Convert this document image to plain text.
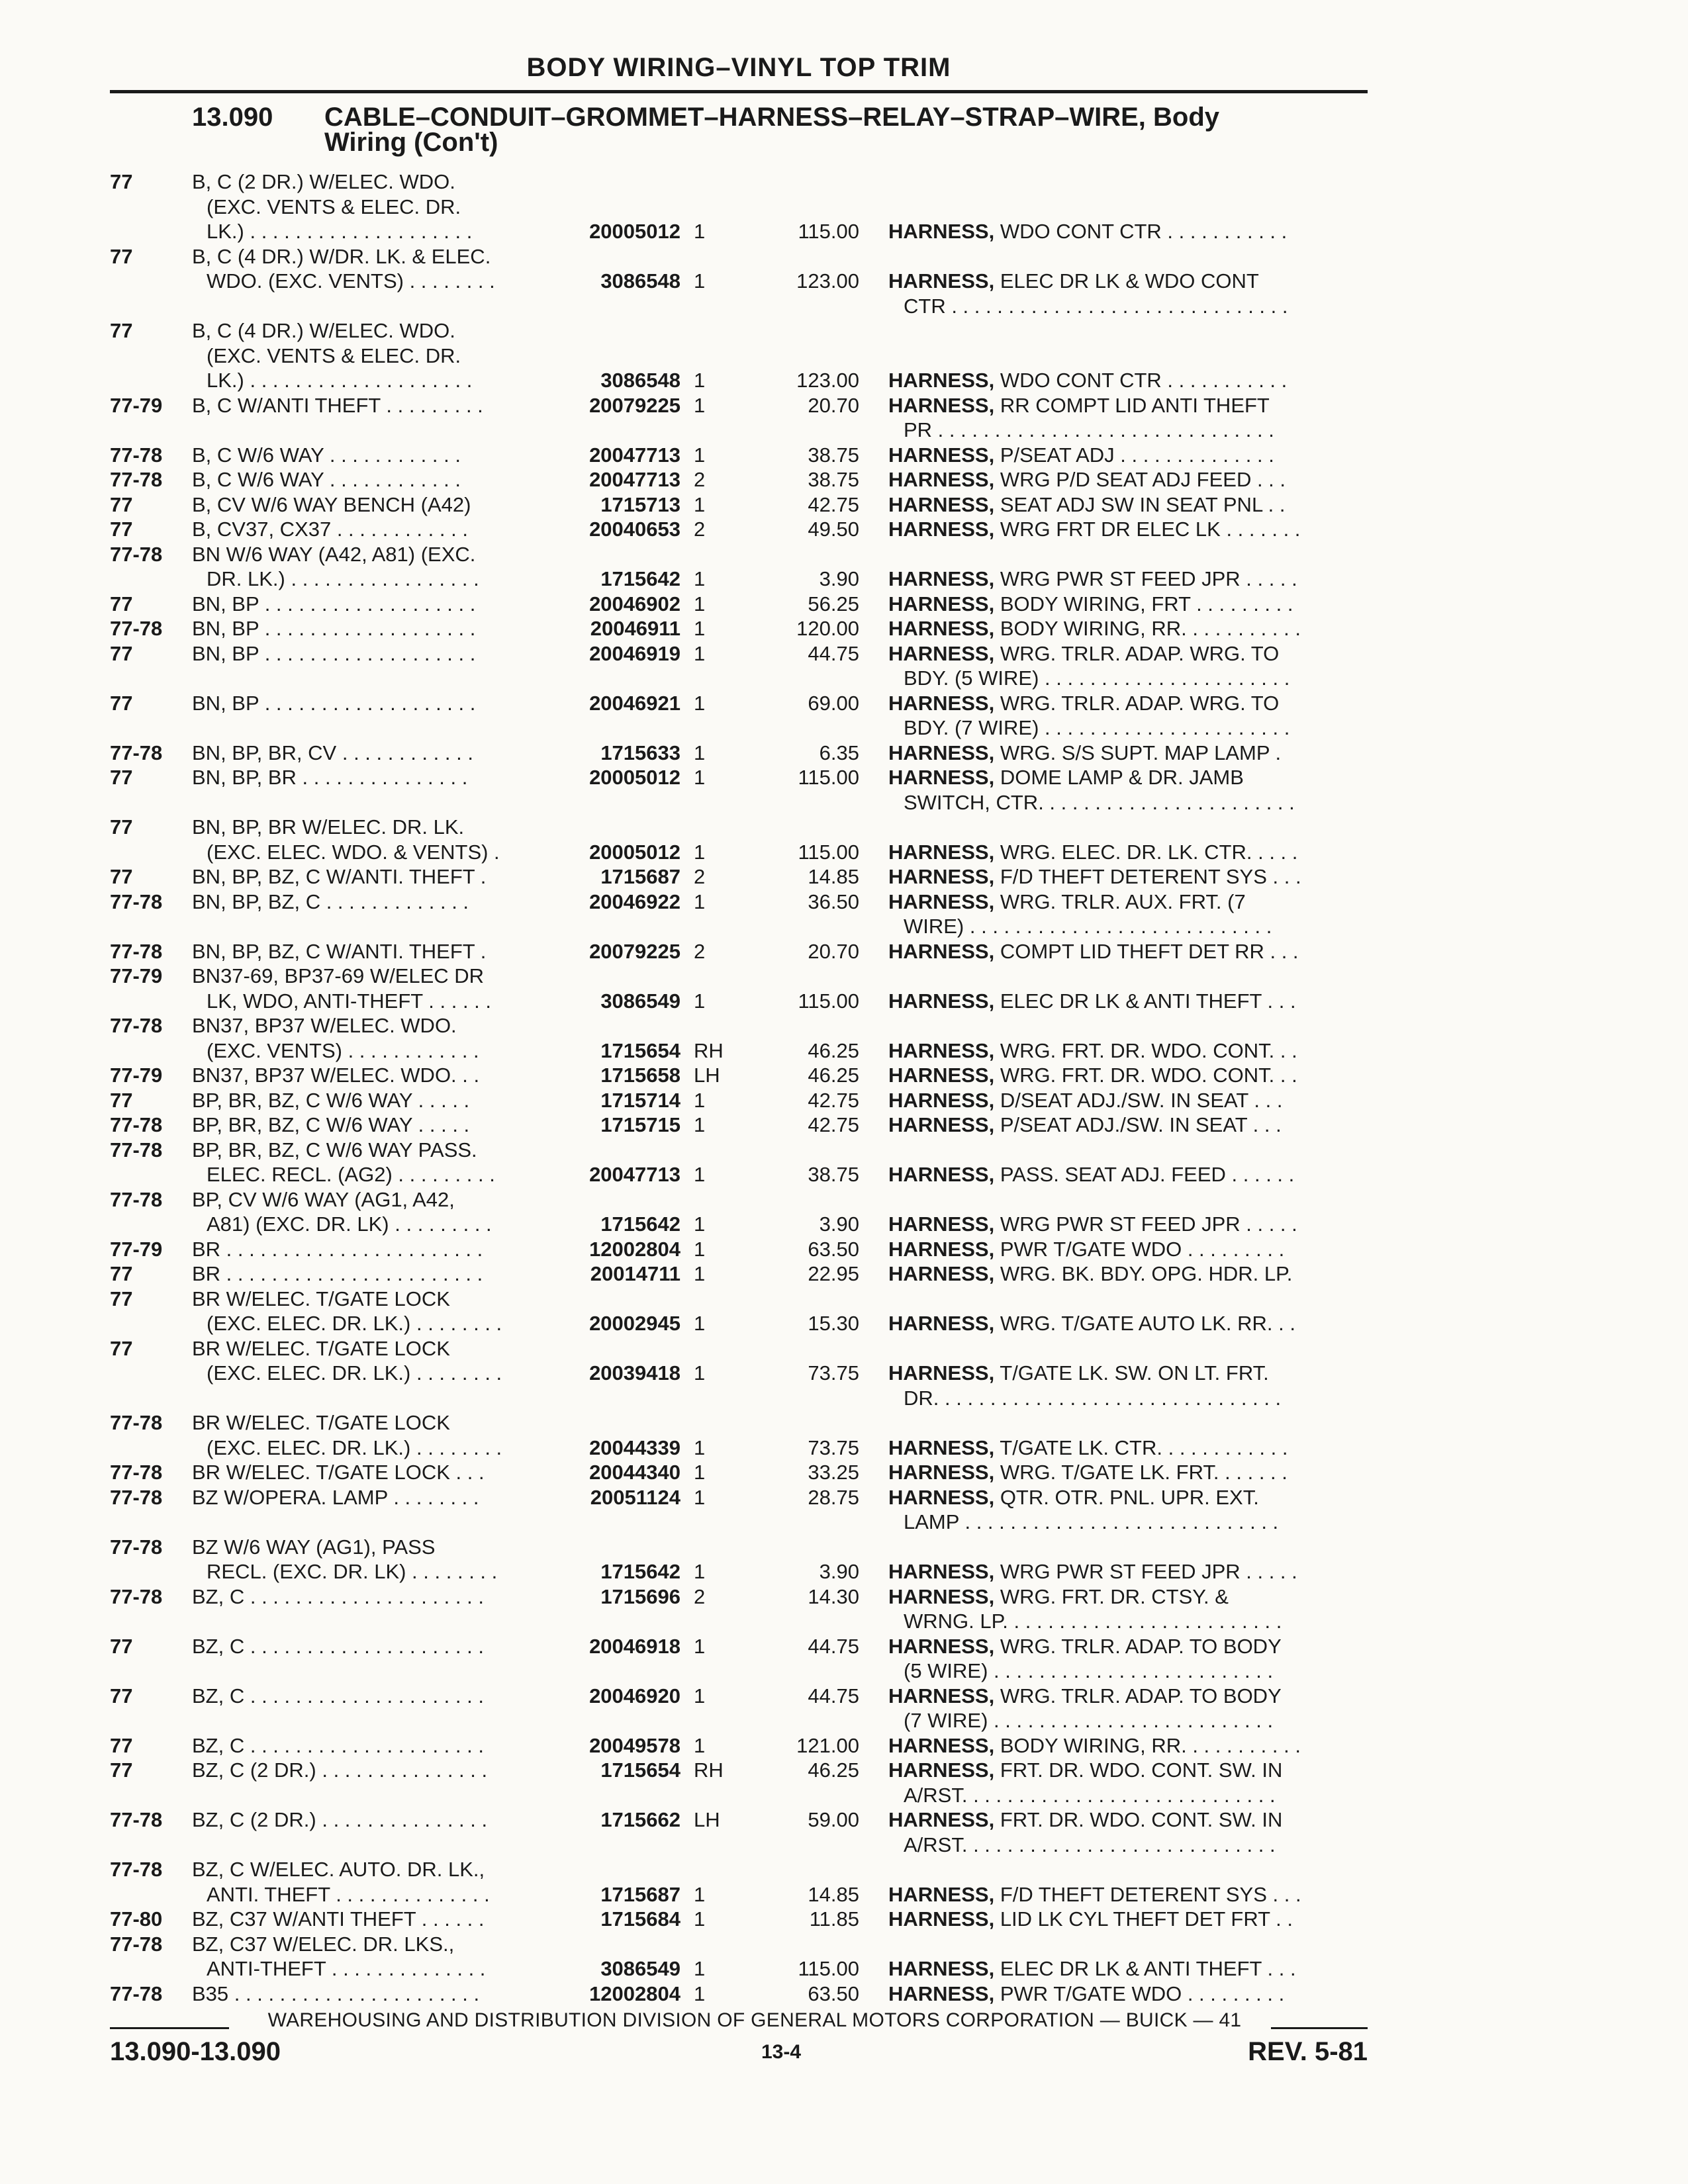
BODY WIRING–VINYL TOP TRIM
13.090 CABLE–CONDUIT–GROMMET–HARNESS–RELAY–STRAP–WIRE, Body
Wiring (Con't)
77	B, C (2 DR.) W/ELEC. WDO.
(EXC. VENTS & ELEC. DR.
LK.) . . . . . . . . . . . . . . . . . . . .	20005012 1	115.00 HARNESS, WDO CONT CTR . . . . . . . . . . .
77	B, C (4 DR.) W/DR. LK. & ELEC.
WDO. (EXC. VENTS) . . . . . . . .	3086548 1	123.00 HARNESS, ELEC DR LK & WDO CONT
CTR . . . . . . . . . . . . . . . . . . . . . . . . . . . . . .
77	B, C (4 DR.) W/ELEC. WDO.
(EXC. VENTS & ELEC. DR.
LK.) . . . . . . . . . . . . . . . . . . . .	3086548 1	123.00 HARNESS, WDO CONT CTR . . . . . . . . . . .
77-79 B, C W/ANTI THEFT . . . . . . . . .	20079225 1	20.70 HARNESS, RR COMPT LID ANTI THEFT
PR . . . . . . . . . . . . . . . . . . . . . . . . . . . . . .
77-78 B, C W/6 WAY . . . . . . . . . . . .	20047713 1	38.75 HARNESS, P/SEAT ADJ . . . . . . . . . . . . . .
77-78 B, C W/6 WAY . . . . . . . . . . . .	20047713 2	38.75 HARNESS, WRG P/D SEAT ADJ FEED . . .
77	B, CV W/6 WAY BENCH (A42)	1715713 1	42.75 HARNESS, SEAT ADJ SW IN SEAT PNL . .
77	B, CV37, CX37 . . . . . . . . . . . .	20040653 2	49.50 HARNESS, WRG FRT DR ELEC LK . . . . . . .
77-78 BN W/6 WAY (A42, A81) (EXC.
DR. LK.) . . . . . . . . . . . . . . . . .	1715642 1	3.90 HARNESS, WRG PWR ST FEED JPR . . . . .
77	BN, BP . . . . . . . . . . . . . . . . . . .	20046902 1	56.25 HARNESS, BODY WIRING, FRT . . . . . . . . .
77-78 BN, BP . . . . . . . . . . . . . . . . . . .	20046911 1	120.00 HARNESS, BODY WIRING, RR. . . . . . . . . . .
77	BN, BP . . . . . . . . . . . . . . . . . . .	20046919 1	44.75 HARNESS, WRG. TRLR. ADAP. WRG. TO
BDY. (5 WIRE) . . . . . . . . . . . . . . . . . . . . . .
77	BN, BP . . . . . . . . . . . . . . . . . . .	20046921 1	69.00 HARNESS, WRG. TRLR. ADAP. WRG. TO
BDY. (7 WIRE) . . . . . . . . . . . . . . . . . . . . . .
77-78 BN, BP, BR, CV . . . . . . . . . . . .	1715633 1	6.35 HARNESS, WRG. S/S SUPT. MAP LAMP .
77	BN, BP, BR . . . . . . . . . . . . . . .	20005012 1	115.00 HARNESS, DOME LAMP & DR. JAMB
SWITCH, CTR. . . . . . . . . . . . . . . . . . . . . . .
77	BN, BP, BR W/ELEC. DR. LK.
(EXC. ELEC. WDO. & VENTS) .	20005012 1	115.00 HARNESS, WRG. ELEC. DR. LK. CTR. . . . .
77	BN, BP, BZ, C W/ANTI. THEFT .	1715687 2	14.85 HARNESS, F/D THEFT DETERENT SYS . . .
77-78 BN, BP, BZ, C . . . . . . . . . . . . .	20046922 1	36.50 HARNESS, WRG. TRLR. AUX. FRT. (7
WIRE) . . . . . . . . . . . . . . . . . . . . . . . . . . .
77-78 BN, BP, BZ, C W/ANTI. THEFT .	20079225 2	20.70 HARNESS, COMPT LID THEFT DET RR . . .
77-79 BN37-69, BP37-69 W/ELEC DR
LK, WDO, ANTI-THEFT . . . . . .	3086549 1	115.00 HARNESS, ELEC DR LK & ANTI THEFT . . .
77-78 BN37, BP37 W/ELEC. WDO.
(EXC. VENTS) . . . . . . . . . . . .	1715654 RH	46.25 HARNESS, WRG. FRT. DR. WDO. CONT. . .
77-79 BN37, BP37 W/ELEC. WDO. . .	1715658 LH	46.25 HARNESS, WRG. FRT. DR. WDO. CONT. . .
77	BP, BR, BZ, C W/6 WAY . . . . .	1715714 1	42.75 HARNESS, D/SEAT ADJ./SW. IN SEAT . . .
77-78 BP, BR, BZ, C W/6 WAY . . . . .	1715715 1	42.75 HARNESS, P/SEAT ADJ./SW. IN SEAT . . .
77-78 BP, BR, BZ, C W/6 WAY PASS.
ELEC. RECL. (AG2) . . . . . . . . .	20047713 1	38.75 HARNESS, PASS. SEAT ADJ. FEED . . . . . .
77-78 BP, CV W/6 WAY (AG1, A42,
A81) (EXC. DR. LK) . . . . . . . . .	1715642 1	3.90 HARNESS, WRG PWR ST FEED JPR . . . . .
77-79 BR . . . . . . . . . . . . . . . . . . . . . . .	12002804 1	63.50 HARNESS, PWR T/GATE WDO . . . . . . . . .
77	BR . . . . . . . . . . . . . . . . . . . . . . .	20014711 1	22.95 HARNESS, WRG. BK. BDY. OPG. HDR. LP.
77	BR W/ELEC. T/GATE LOCK
(EXC. ELEC. DR. LK.) . . . . . . . .	20002945 1	15.30 HARNESS, WRG. T/GATE AUTO LK. RR. . .
77	BR W/ELEC. T/GATE LOCK
(EXC. ELEC. DR. LK.) . . . . . . . .	20039418 1	73.75 HARNESS, T/GATE LK. SW. ON LT. FRT.
DR. . . . . . . . . . . . . . . . . . . . . . . . . . . . . . .
77-78 BR W/ELEC. T/GATE LOCK
(EXC. ELEC. DR. LK.) . . . . . . . .	20044339 1	73.75 HARNESS, T/GATE LK. CTR. . . . . . . . . . . .
77-78 BR W/ELEC. T/GATE LOCK . . .	20044340 1	33.25 HARNESS, WRG. T/GATE LK. FRT. . . . . . .
77-78 BZ W/OPERA. LAMP . . . . . . . .	20051124 1	28.75 HARNESS, QTR. OTR. PNL. UPR. EXT.
LAMP . . . . . . . . . . . . . . . . . . . . . . . . . . . .
77-78 BZ W/6 WAY (AG1), PASS
RECL. (EXC. DR. LK) . . . . . . . .	1715642 1	3.90 HARNESS, WRG PWR ST FEED JPR . . . . .
77-78 BZ, C . . . . . . . . . . . . . . . . . . . . .	1715696 2	14.30 HARNESS, WRG. FRT. DR. CTSY. &
WRNG. LP. . . . . . . . . . . . . . . . . . . . . . . . .
77	BZ, C . . . . . . . . . . . . . . . . . . . . .	20046918 1	44.75 HARNESS, WRG. TRLR. ADAP. TO BODY
(5 WIRE) . . . . . . . . . . . . . . . . . . . . . . . . .
77	BZ, C . . . . . . . . . . . . . . . . . . . . .	20046920 1	44.75 HARNESS, WRG. TRLR. ADAP. TO BODY
(7 WIRE) . . . . . . . . . . . . . . . . . . . . . . . . .
77	BZ, C . . . . . . . . . . . . . . . . . . . . .	20049578 1	121.00 HARNESS, BODY WIRING, RR. . . . . . . . . . .
77	BZ, C (2 DR.) . . . . . . . . . . . . . . .	1715654 RH	46.25 HARNESS, FRT. DR. WDO. CONT. SW. IN
A/RST. . . . . . . . . . . . . . . . . . . . . . . . . . . .
77-78 BZ, C (2 DR.) . . . . . . . . . . . . . . .	1715662 LH	59.00 HARNESS, FRT. DR. WDO. CONT. SW. IN
A/RST. . . . . . . . . . . . . . . . . . . . . . . . . . . .
77-78 BZ, C W/ELEC. AUTO. DR. LK.,
ANTI. THEFT . . . . . . . . . . . . . .	1715687 1	14.85 HARNESS, F/D THEFT DETERENT SYS . . .
77-80 BZ, C37 W/ANTI THEFT . . . . . .	1715684 1	11.85 HARNESS, LID LK CYL THEFT DET FRT . .
77-78 BZ, C37 W/ELEC. DR. LKS.,
ANTI-THEFT . . . . . . . . . . . . . .	3086549 1	115.00 HARNESS, ELEC DR LK & ANTI THEFT . . .
77-78 B35 . . . . . . . . . . . . . . . . . . . . . .	12002804 1	63.50 HARNESS, PWR T/GATE WDO . . . . . . . . .
WAREHOUSING AND DISTRIBUTION DIVISION OF GENERAL MOTORS CORPORATION — BUICK — 41
13.090-13.090	13-4	REV. 5-81
